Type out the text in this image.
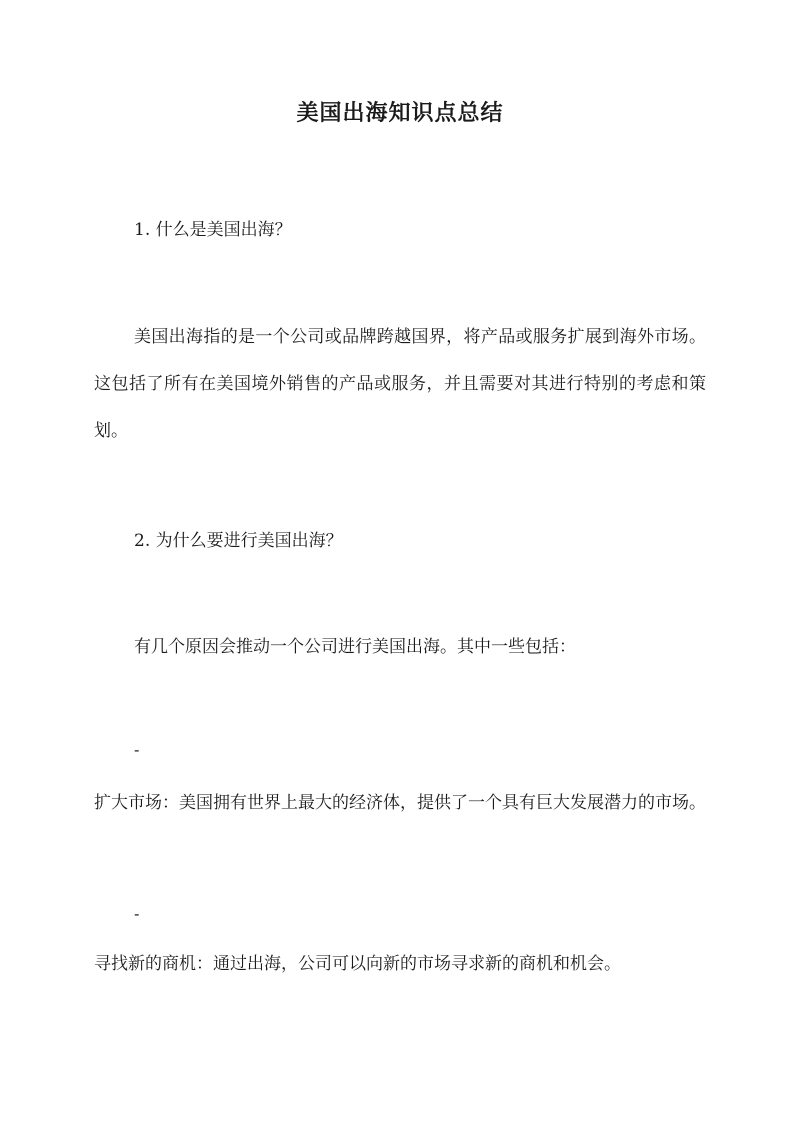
美国出海知识点总结
1. 什么是美国出海？
美国出海指的是一个公司或品牌跨越国界，将产品或服务扩展到海外市场。这包括了所有在美国境外销售的产品或服务，并且需要对其进行特别的考虑和策划。
2. 为什么要进行美国出海？
有几个原因会推动一个公司进行美国出海。其中一些包括：
-
扩大市场：美国拥有世界上最大的经济体，提供了一个具有巨大发展潜力的市场。
-
寻找新的商机：通过出海，公司可以向新的市场寻求新的商机和机会。
